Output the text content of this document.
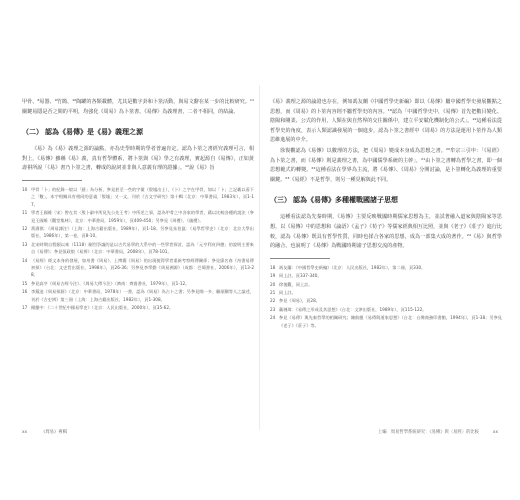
甲骨、⁸易器、⁹竹簡、¹⁰陶罐的各類載體，尤其是數字卦和卜筮活動，與易文辭在某一步的比較研究。¹¹關鍵易隱是否之間的平明，均強化《周易》為卜筮書、《易傳》為義理書，二者不相同，的結論。

（二） 認為《易傳》是《易》義理之源

《易》為《易》義理之源的論點，亦為史學時期的學者普遍肯定。認為卜筮之書經究義理可言，相對上，《易傳》雖稱《易》義，真有哲學體系，將卜筮與《易》學之有義理，實起源自《易傳》，正如黃壽祺所說「《易》書乃卜筮之書，轉成的說詞並非與人意義有理的證據」。¹²說《易》旨

10 甲骨「卜」的紀錄一般以「繇」為分析，參見甚至一些的字彙（殷墟出土），《卜》之字在甲骨，如以「卜」之記載以看下之「數」，本字相關具有相同的意義「殷墟」又一文，刊於《古文字研究》第十輯（北京：中華書局，1983年），頁1-17。
11 學者王國維〈宋〉曾在其〈殷卜辭中所見先公先王考〉中所述之事，認為甲骨之中各家的學者，藉以比較各種的說法（參見王國維《觀堂集林》，北京：中華書局，1959年），頁409-450；另參見《周禮》、《儀禮》。
12 黃壽祺：《周易譯注》（上海：上海古籍出版社，1989年），頁1-18。另參見朱伯崑：《易學哲學史》（北京：北京大學出版社，1986年），第一卷，頁8-10。
13 北宋時期自程頤以來（1118）劇烈爭議的是以古代易學的大系中的一些學者探討，認為「元亨利貞四德」的說明主要來自《易傳》；參見張政烺《易辨》（北京：中華書局，2008年），頁78-101。
14 《易經》經文本身的發展，如帛書《周易》、上博簡《周易》的出現使得學者重新考察經傳關係；參見廖名春《帛書易傳初探》（台北：文史哲出版社，1998年），頁26-36；另參見李學勤《周易溯源》（成都：巴蜀書社，2006年），頁13-28。
15 參見高亨《周易古經今注》、《周易大傳今注》（濟南：齊魯書社，1979年），頁1-12。
16 李鏡池《周易探源》（北京：中華書局，1978年）一書，認為《周易》為占卜之書；另參見聞一多、顧頡剛等人之論述，刊於《古史辨》第三冊（上海：上海古籍出版社，1982年），頁1-308。
17 楊慶中：《二十世紀中國易學史》（北京：人民出版社，2000年），頁35-62。
xx	《周易》專輯

《易》義理之源的論證也存在，例如馮友蘭《中國哲學史新編》即以《易傳》屬中國哲學史發展觀點之思想，而《周易》的卜筮內容則不屬哲學史的內容。¹⁸認為「中國哲學史中，《易傳》首先把數目變化、陰陽和剛柔、公式的作用，人類在與自然界的交往關係中，建立平安賦化機制化的公式」。¹⁹這種看法從哲學史的角度，表示人類認識發展的一個進步，認為卜筮之書經中《周易》的方法是運用卜筮作為人類思維進展的中介。

徐復觀認為《易傳》以數理的方法，把《周易》變成本身成為思想之書。²⁰牟宗三引申：「《易經》為卜筮之書，而《易傳》則是義理之書，為中國儒學系統的主幹」，²¹由卜筮之書轉為哲學之書，即一個思想範式的轉變。²²這種看法在學界為主流，將《易傳》、《周易》分開討論，是卜筮轉化為義理的重要關鍵。²³《易經》不是哲學，則另一種見解與此不同。

（三） 認為《易傳》多種權戰國諸子思想

這種看法認為先秦時期，《易傳》主要反映戰國時期儒家思想為主，並試著融入道家與陰陽家等思想，以《易傳》中的思想和《論語》《孟子》《荀子》等儒家經典相互比照，並與《老子》《莊子》進行比較，認為《易傳》既具有哲學性質，同時也揉合各家的思想，成為一部集大成的著作。²⁴《易》與哲學的融合，也說明了《易傳》為戰國時期諸子思想交流的產物。

18 馮友蘭：《中國哲學史新編》（北京：人民出版社，1982年），第二冊，頁330。
19 同上註，頁337-340。
20 徐復觀，同上註。
21 同上註。
22 參見《周易》，頁28。
23 戴璉璋：《易傳之形成及其思想》（台北：文津出版社，1989年），頁115-122。
24 參見《易傳》與先秦哲學的相關研究；陳鼓應《易傳與道家思想》（台北：台灣商務印書館，1994年），頁1-38；另參見《老子》《莊子》等。
上編　周易哲學系統研究：《易傳》與〈易經〉的比較	xx
